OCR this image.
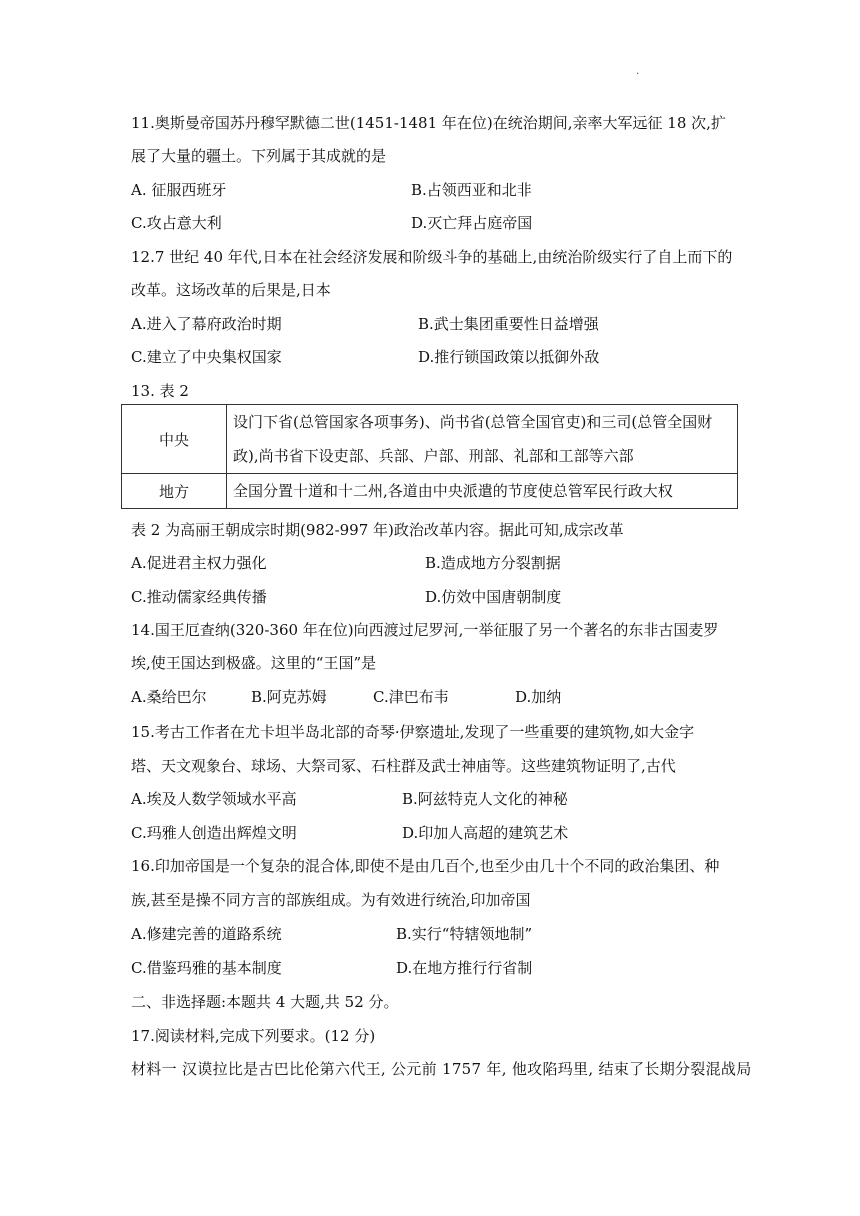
.
11.奥斯曼帝国苏丹穆罕默德二世(1451-1481 年在位)在统治期间,亲率大军远征 18 次,扩
展了大量的疆土。下列属于其成就的是
A. 征服西班牙	B.占领西亚和北非
C.攻占意大利	D.灭亡拜占庭帝国
12.7 世纪 40 年代,日本在社会经济发展和阶级斗争的基础上,由统治阶级实行了自上而下的
改革。这场改革的后果是,日本
A.进入了幕府政治时期	B.武士集团重要性日益增强
C.建立了中央集权国家	D.推行锁国政策以抵御外敌
13. 表 2
中央	设门下省(总管国家各项事务)、尚书省(总管全国官吏)和三司(总管全国财
政),尚书省下设吏部、兵部、户部、刑部、礼部和工部等六部

地方	全国分置十道和十二州,各道由中央派遣的节度使总管军民行政大权
表 2 为高丽王朝成宗时期(982-997 年)政治改革内容。据此可知,成宗改革
A.促进君主权力强化	B.造成地方分裂割据
C.推动儒家经典传播	D.仿效中国唐朝制度
14.国王厄查纳(320-360 年在位)向西渡过尼罗河,一举征服了另一个著名的东非古国麦罗
埃,使王国达到极盛。这里的“王国”是
A.桑给巴尔	B.阿克苏姆	C.津巴布韦	D.加纳
15.考古工作者在尤卡坦半岛北部的奇琴·伊察遗址,发现了一些重要的建筑物,如大金字
塔、天文观象台、球场、大祭司冢、石柱群及武士神庙等。这些建筑物证明了,古代
A.埃及人数学领域水平高	B.阿兹特克人文化的神秘
C.玛雅人创造出辉煌文明	D.印加人高超的建筑艺术
16.印加帝国是一个复杂的混合体,即使不是由几百个,也至少由几十个不同的政治集团、种
族,甚至是操不同方言的部族组成。为有效进行统治,印加帝国
A.修建完善的道路系统	B.实行“特辖领地制”
C.借鉴玛雅的基本制度	D.在地方推行行省制
二、非选择题:本题共 4 大题,共 52 分。
17.阅读材料,完成下列要求。(12 分)
材料一 汉谟拉比是古巴比伦第六代王, 公元前 1757 年, 他攻陷玛里, 结束了长期分裂混战局
